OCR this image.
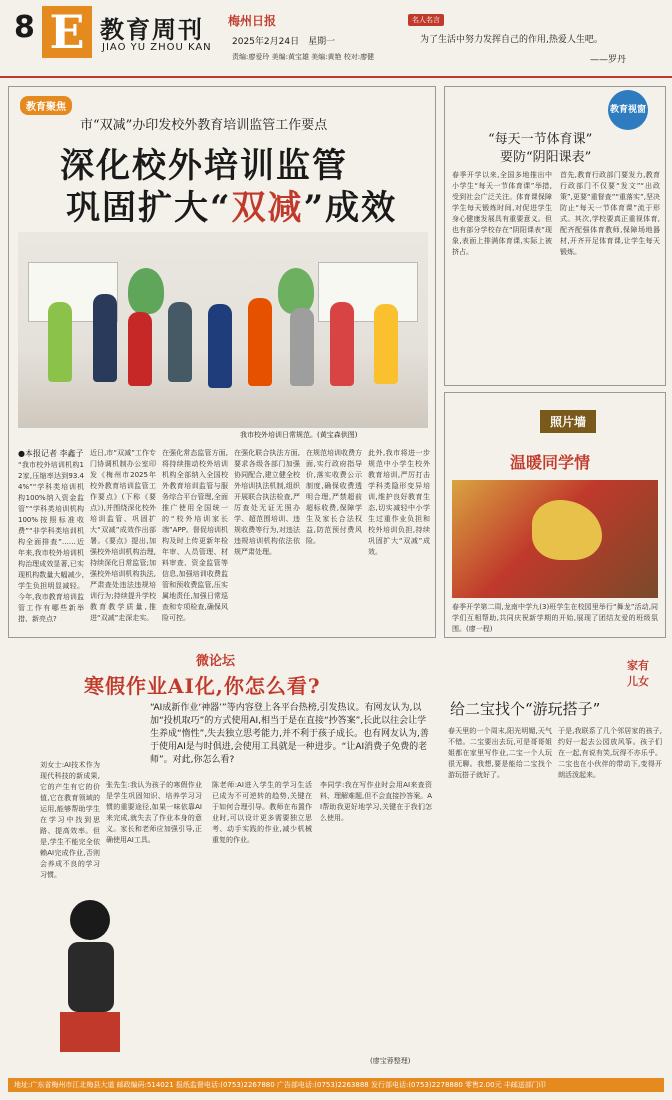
8 E 教育周刊
JIAO YU ZHOU KAN
梅州日报
2025年2月24日　星期一
责编:廖爱玲 美编:黄宝雄 美编:黄艳 校对:廖健
名人名言
为了生活中努力发挥自己的作用,热爱人生吧。
——罗丹
教育聚焦
市“双减”办印发校外教育培训监管工作要点
深化校外培训监管
巩固扩大“双减”成效
我市校外培训日常规范。(黄宝森供图)
●本报记者 李鑫子
“我市校外培训机构12家,压缩率达到93.44%”“学科类培训机构100%纳入资金监管”“学科类培训机构100%按照标准收费”“非学科类培训机构全面排查”……近年来,我市校外培训机构治理成效显著,已实现机构数量大幅减少,学生负担明显减轻。今年,我市教育培训监管工作有哪些新举措、新亮点?
近日,市“双减”工作专门协调机制办公室印发《梅州市2025年校外教育培训监管工作要点》(下称《要点》),并围绕深化校外培训监管、巩固扩大“双减”成效作出部署。《要点》提出,加强校外培训机构治理,持续深化日常监管;加强校外培训机构执法,严肃查处违法违规培训行为;持续提升学校教育教学质量,推进“双减”走深走实。
在强化常态监管方面,将持续推动校外培训机构全部纳入全国校外教育培训监管与服务综合平台管理,全面推广使用全国统一的“校外培训家长端”APP。督促培训机构及时上传更新年检年审、人员管理、材料审查、资金监管等信息,加强培训收费监管和预收费监管,压实属地责任,加强日常巡查和专项检查,确保风险可控。
在强化联合执法方面,要求各级各部门加强协同配合,建立健全校外培训执法机制,组织开展联合执法检查,严厉查处无证无照办学、超范围培训、违规收费等行为,对违法违规培训机构依法依规严肃处理。
在规范培训收费方面,实行政府指导价,落实收费公示制度,确保收费透明合理,严禁超前超标收费,保障学生及家长合法权益,防范预付费风险。
此外,我市将进一步规范中小学生校外教育培训,严厉打击学科类隐形变异培训,维护良好教育生态,切实减轻中小学生过重作业负担和校外培训负担,持续巩固扩大“双减”成效。
教育视窗
“每天一节体育课”
要防“阴阳课表”
春季开学以来,全国多地推出中小学生“每天一节体育课”举措,受到社会广泛关注。体育课保障学生每天锻炼时间,对促进学生身心健康发展具有重要意义。但也有部分学校存在“阴阳课表”现象,表面上排满体育课,实际上被挤占。
首先,教育行政部门要发力,教育行政部门不仅要“发文”“出政策”,更要“重督查”“重落实”,坚决防止“每天一节体育课”流于形式。其次,学校要真正重视体育,配齐配强体育教师,保障场地器材,开齐开足体育课,让学生每天锻炼。
照片墙
温暖同学情
春季开学第二周,龙南中学九(3)班学生在校园里举行“舞龙”活动,同学们互相帮助,共同庆祝新学期的开始,展现了团结友爱的班级氛围。(廖一程)
微论坛
寒假作业AI化,你怎么看?
“AI成新作业‘神器’”等内容登上各平台热榜,引发热议。有网友认为,以加“投机取巧”的方式使用AI,相当于是在直接“抄答案”,长此以往会让学生养成“惰性”,失去独立思考能力,并不利于孩子成长。也有网友认为,善于使用AI是与时俱进,会使用工具就是一种进步。“让AI消费子免费的老师”。对此,你怎么看?
刘女士:AI技术作为现代科技的新成果,它的产生有它的价值,它在教育领域的运用,能够帮助学生在学习中找到思路、提高效率。但是,学生不能完全依赖AI完成作业,否则会养成不良的学习习惯。
张先生:我认为孩子的寒假作业是学生巩固知识、培养学习习惯的重要途径,如果一味依靠AI来完成,就失去了作业本身的意义。家长和老师应加强引导,正确使用AI工具。
陈老师:AI进入学生的学习生活已成为不可逆转的趋势,关键在于如何合理引导。教师在布置作业时,可以设计更多需要独立思考、动手实践的作业,减少机械重复的作业。
李同学:我在写作业时会用AI来查资料、理解难题,但不会直接抄答案。AI帮助我更好地学习,关键在于我们怎么使用。
(廖宝蓉整理)
家有
儿女
给二宝找个“游玩搭子”
春天里的一个周末,阳光明媚,天气不错。二宝要出去玩,可是哥哥姐姐都在家里写作业,二宝一个人玩很无聊。我想,要是能给二宝找个游玩搭子就好了。
于是,我联系了几个邻居家的孩子,约好一起去公园放风筝。孩子们在一起,有说有笑,玩得不亦乐乎。二宝也在小伙伴的带动下,变得开朗活泼起来。
地址:广东省梅州市江北梅县大道 邮政编码:514021 报纸监督电话:(0753)2267880 广告部电话:(0753)2263888 发行部电话:(0753)2278880 零售2.00元 丰邮送部门印
